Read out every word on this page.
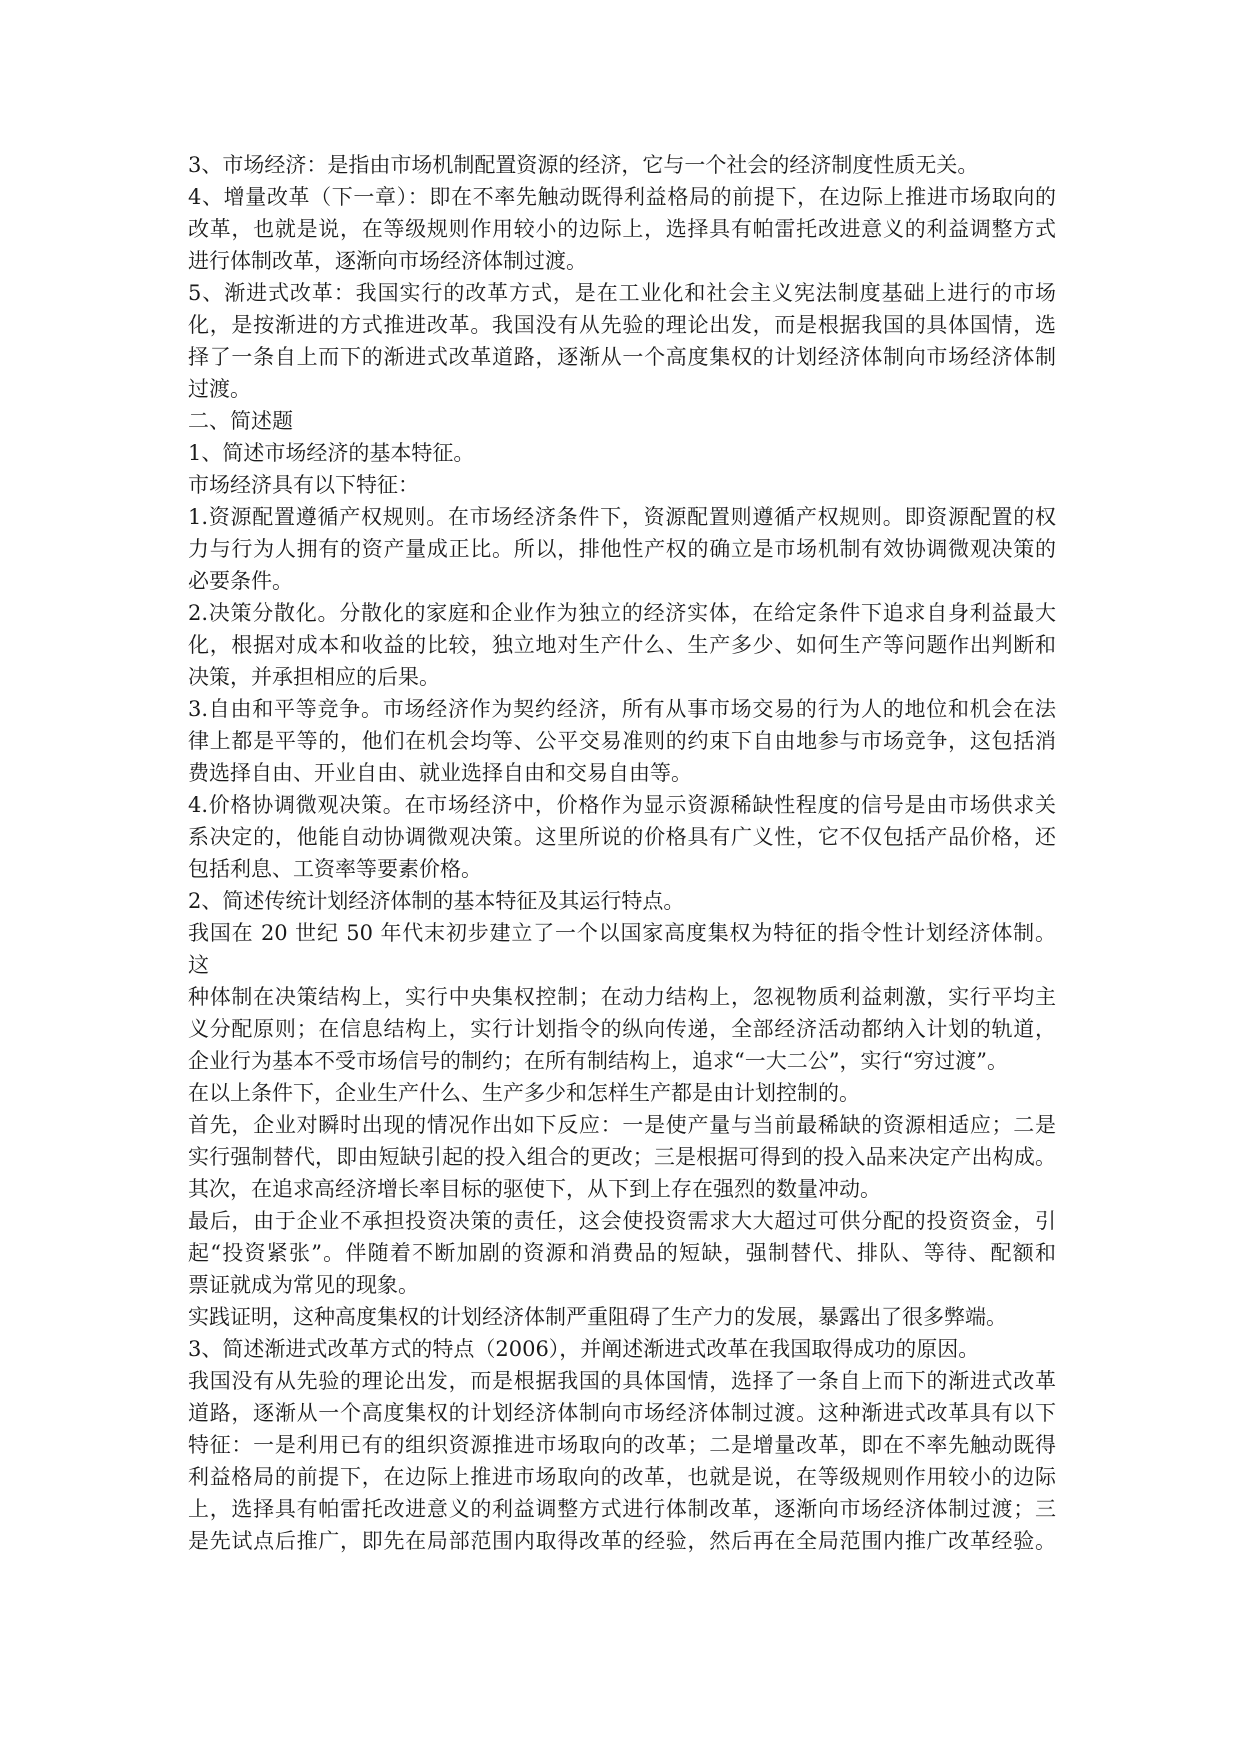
3、市场经济：是指由市场机制配置资源的经济，它与一个社会的经济制度性质无关。
4、增量改革（下一章）：即在不率先触动既得利益格局的前提下，在边际上推进市场取向的
改革，也就是说，在等级规则作用较小的边际上，选择具有帕雷托改进意义的利益调整方式
进行体制改革，逐渐向市场经济体制过渡。
5、渐进式改革：我国实行的改革方式，是在工业化和社会主义宪法制度基础上进行的市场
化，是按渐进的方式推进改革。我国没有从先验的理论出发，而是根据我国的具体国情，选
择了一条自上而下的渐进式改革道路，逐渐从一个高度集权的计划经济体制向市场经济体制
过渡。
二、简述题
1、简述市场经济的基本特征。
市场经济具有以下特征：
1.资源配置遵循产权规则。在市场经济条件下，资源配置则遵循产权规则。即资源配置的权
力与行为人拥有的资产量成正比。所以，排他性产权的确立是市场机制有效协调微观决策的
必要条件。
2.决策分散化。分散化的家庭和企业作为独立的经济实体，在给定条件下追求自身利益最大
化，根据对成本和收益的比较，独立地对生产什么、生产多少、如何生产等问题作出判断和
决策，并承担相应的后果。
3.自由和平等竞争。市场经济作为契约经济，所有从事市场交易的行为人的地位和机会在法
律上都是平等的，他们在机会均等、公平交易准则的约束下自由地参与市场竞争，这包括消
费选择自由、开业自由、就业选择自由和交易自由等。
4.价格协调微观决策。在市场经济中，价格作为显示资源稀缺性程度的信号是由市场供求关
系决定的，他能自动协调微观决策。这里所说的价格具有广义性，它不仅包括产品价格，还
包括利息、工资率等要素价格。
2、简述传统计划经济体制的基本特征及其运行特点。
我国在 20 世纪 50 年代末初步建立了一个以国家高度集权为特征的指令性计划经济体制。
这
种体制在决策结构上，实行中央集权控制；在动力结构上，忽视物质利益刺激，实行平均主
义分配原则；在信息结构上，实行计划指令的纵向传递，全部经济活动都纳入计划的轨道，
企业行为基本不受市场信号的制约；在所有制结构上，追求“一大二公”，实行“穷过渡”。
在以上条件下，企业生产什么、生产多少和怎样生产都是由计划控制的。
首先，企业对瞬时出现的情况作出如下反应：一是使产量与当前最稀缺的资源相适应；二是
实行强制替代，即由短缺引起的投入组合的更改；三是根据可得到的投入品来决定产出构成。
其次，在追求高经济增长率目标的驱使下，从下到上存在强烈的数量冲动。
最后，由于企业不承担投资决策的责任，这会使投资需求大大超过可供分配的投资资金，引
起“投资紧张”。伴随着不断加剧的资源和消费品的短缺，强制替代、排队、等待、配额和
票证就成为常见的现象。
实践证明，这种高度集权的计划经济体制严重阻碍了生产力的发展，暴露出了很多弊端。
3、简述渐进式改革方式的特点（2006），并阐述渐进式改革在我国取得成功的原因。
我国没有从先验的理论出发，而是根据我国的具体国情，选择了一条自上而下的渐进式改革
道路，逐渐从一个高度集权的计划经济体制向市场经济体制过渡。这种渐进式改革具有以下
特征：一是利用已有的组织资源推进市场取向的改革；二是增量改革，即在不率先触动既得
利益格局的前提下，在边际上推进市场取向的改革，也就是说，在等级规则作用较小的边际
上，选择具有帕雷托改进意义的利益调整方式进行体制改革，逐渐向市场经济体制过渡；三
是先试点后推广，即先在局部范围内取得改革的经验，然后再在全局范围内推广改革经验。
